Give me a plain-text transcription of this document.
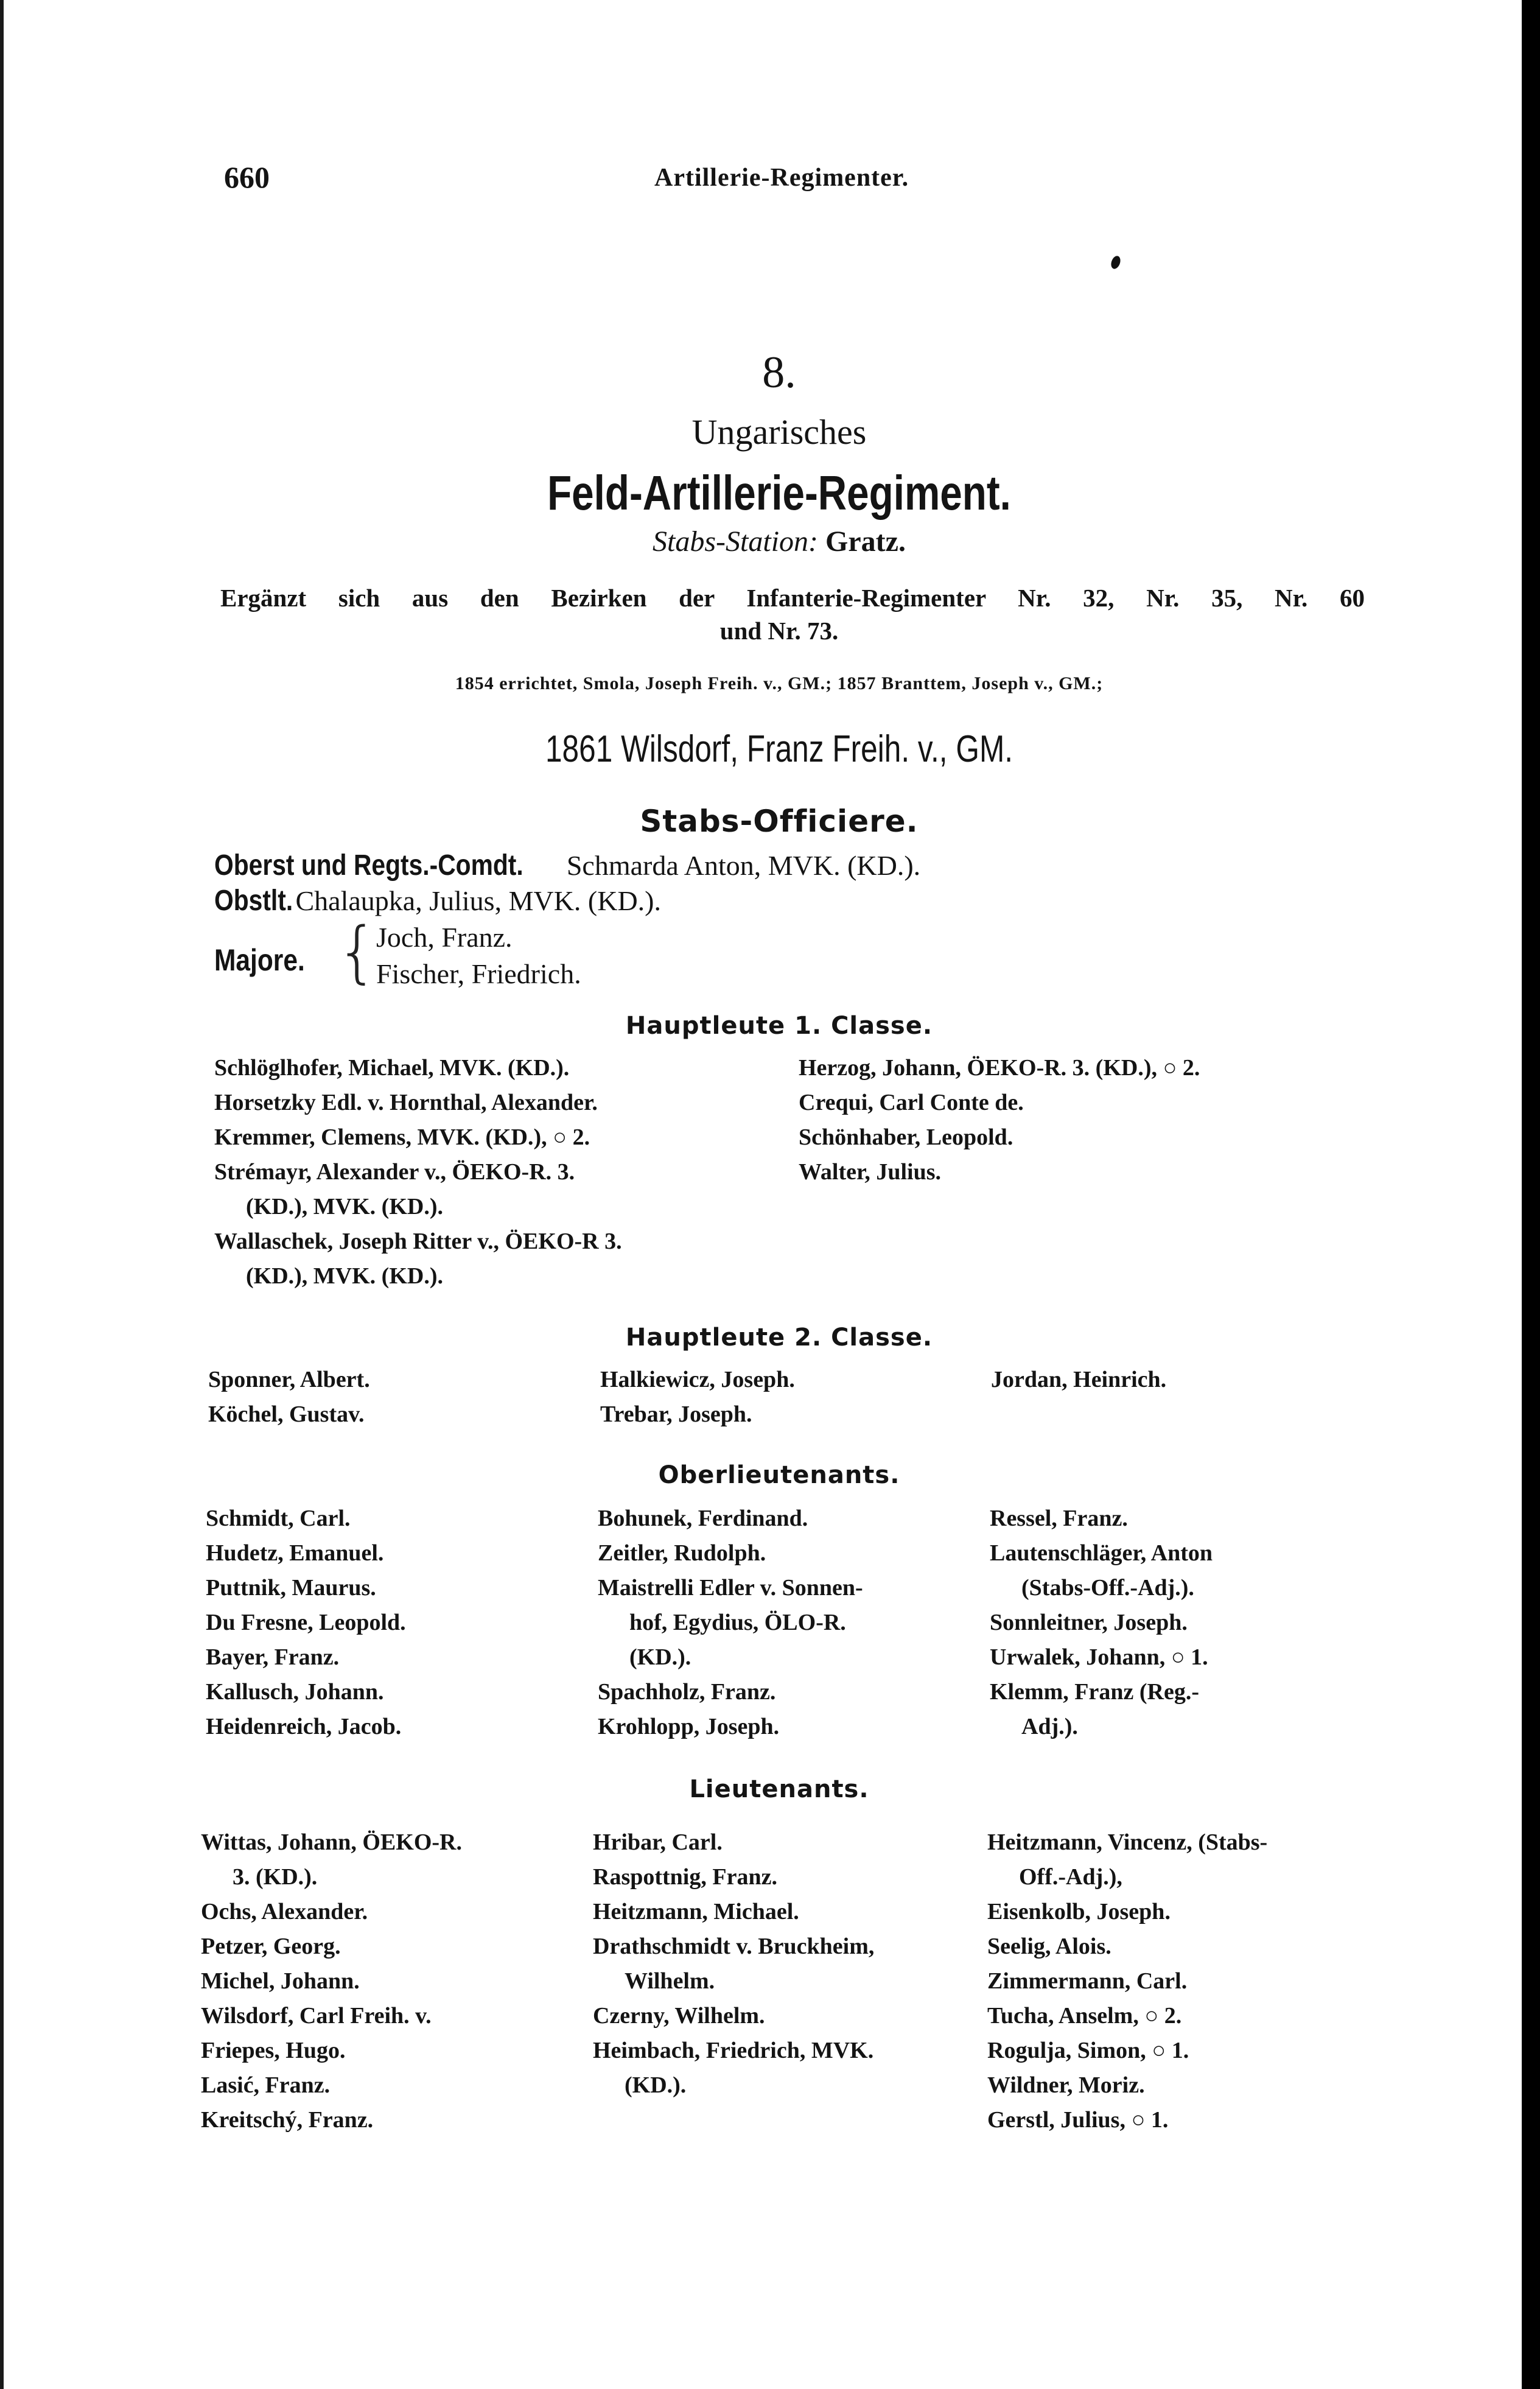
660	Artillerie-Regimenter.
8.
Ungarisches
Feld-Artillerie-Regiment.
Stabs-Station: Gratz.
Ergänzt sich aus den Bezirken der Infanterie-Regimenter Nr. 32, Nr. 35, Nr. 60
und Nr. 73.
1854 errichtet, Smola, Joseph Freih. v., GM.; 1857 Branttem, Joseph v., GM.;
1861 Wilsdorf, Franz Freih. v., GM.
Stabs-Officiere.
Oberst und Regts.-Comdt. Schmarda Anton, MVK. (KD.).
Obstlt. Chalaupka, Julius, MVK. (KD.).
Majore. {
Joch, Franz.
Fischer, Friedrich.
Hauptleute 1. Classe.
Schlöglhofer, Michael, MVK. (KD.).
Horsetzky Edl. v. Hornthal, Alexander.
Kremmer, Clemens, MVK. (KD.), ○ 2.
Strémayr, Alexander v., ÖEKO-R. 3.
(KD.), MVK. (KD.).
Wallaschek, Joseph Ritter v., ÖEKO-R 3.
(KD.), MVK. (KD.).
Herzog, Johann, ÖEKO-R. 3. (KD.), ○ 2.
Crequi, Carl Conte de.
Schönhaber, Leopold.
Walter, Julius.
Hauptleute 2. Classe.
Sponner, Albert.
Köchel, Gustav.
Halkiewicz, Joseph.
Trebar, Joseph.
Jordan, Heinrich.
Oberlieutenants.
Schmidt, Carl.
Hudetz, Emanuel.
Puttnik, Maurus.
Du Fresne, Leopold.
Bayer, Franz.
Kallusch, Johann.
Heidenreich, Jacob.
Bohunek, Ferdinand.
Zeitler, Rudolph.
Maistrelli Edler v. Sonnen-
hof, Egydius, ÖLO-R.
(KD.).
Spachholz, Franz.
Krohlopp, Joseph.
Ressel, Franz.
Lautenschläger, Anton
(Stabs-Off.-Adj.).
Sonnleitner, Joseph.
Urwalek, Johann, ○ 1.
Klemm, Franz (Reg.-
Adj.).
Lieutenants.
Wittas, Johann, ÖEKO-R.
3. (KD.).
Ochs, Alexander.
Petzer, Georg.
Michel, Johann.
Wilsdorf, Carl Freih. v.
Friepes, Hugo.
Lasić, Franz.
Kreitschý, Franz.
Hribar, Carl.
Raspottnig, Franz.
Heitzmann, Michael.
Drathschmidt v. Bruckheim,
Wilhelm.
Czerny, Wilhelm.
Heimbach, Friedrich, MVK.
(KD.).
Heitzmann, Vincenz, (Stabs-
Off.-Adj.),
Eisenkolb, Joseph.
Seelig, Alois.
Zimmermann, Carl.
Tucha, Anselm, ○ 2.
Rogulja, Simon, ○ 1.
Wildner, Moriz.
Gerstl, Julius, ○ 1.
